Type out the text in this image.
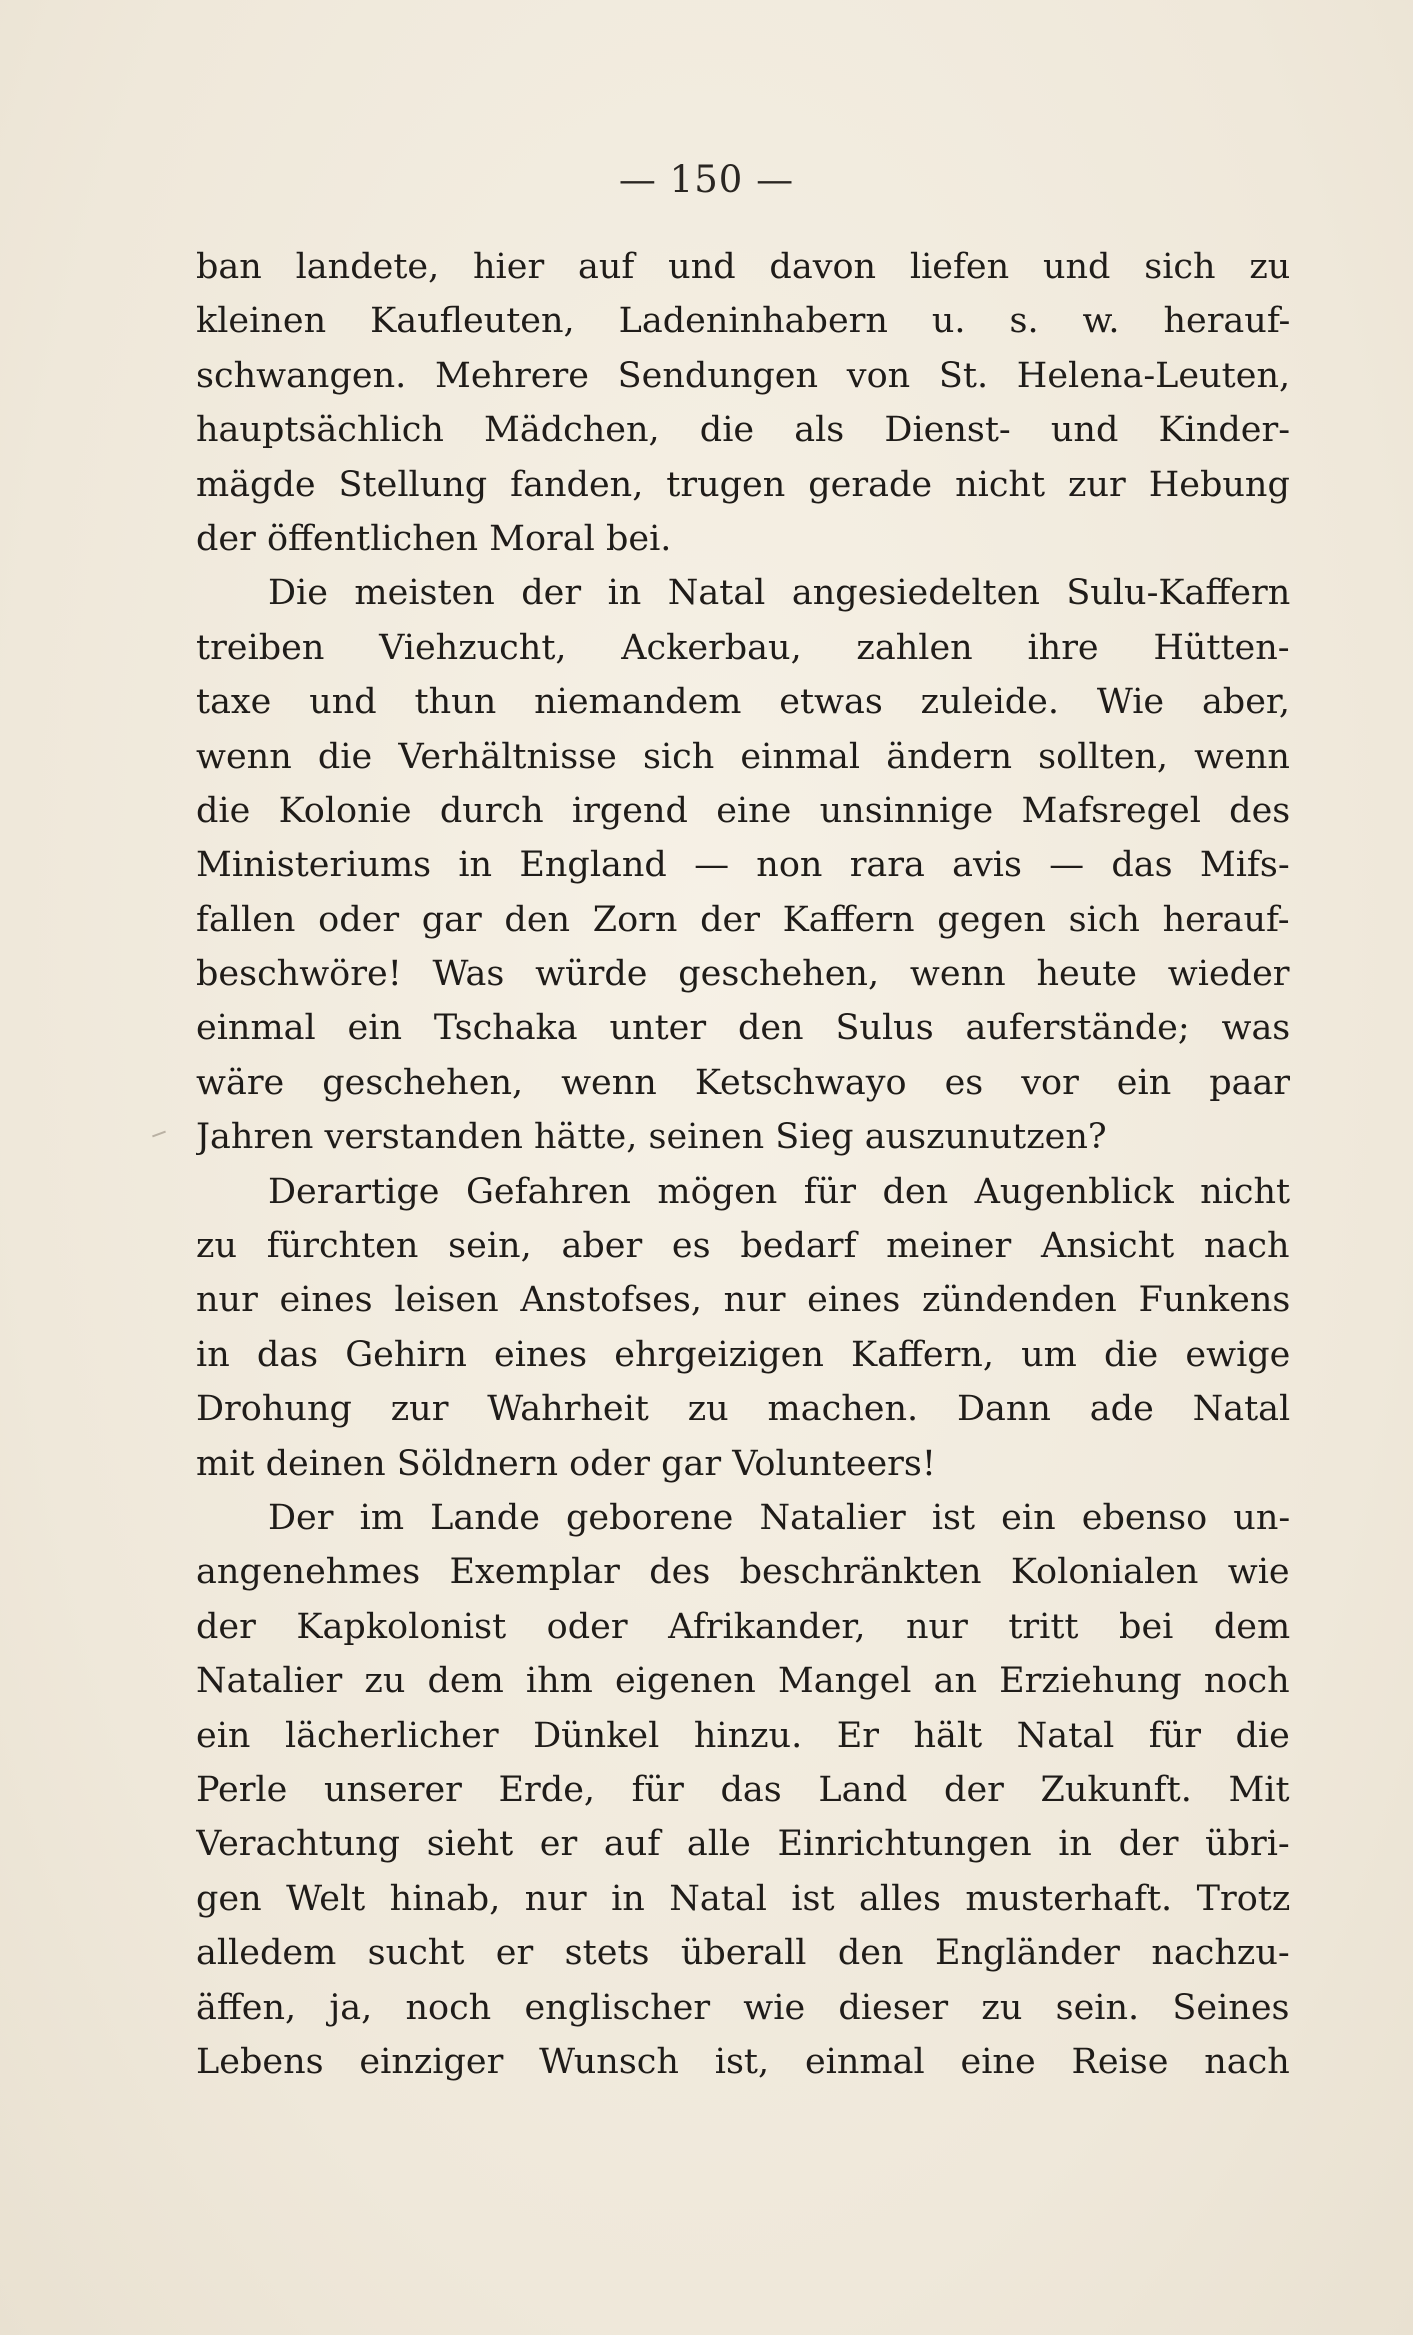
— 150 —
ban landete, hier auf und davon liefen und sich zu
kleinen Kaufleuten, Ladeninhabern u. s. w. herauf-
schwangen. Mehrere Sendungen von St. Helena-Leuten,
hauptsächlich Mädchen, die als Dienst- und Kinder-
mägde Stellung fanden, trugen gerade nicht zur Hebung
der öffentlichen Moral bei.
Die meisten der in Natal angesiedelten Sulu-Kaffern
treiben Viehzucht, Ackerbau, zahlen ihre Hütten-
taxe und thun niemandem etwas zuleide. Wie aber,
wenn die Verhältnisse sich einmal ändern sollten, wenn
die Kolonie durch irgend eine unsinnige Mafsregel des
Ministeriums in England — non rara avis — das Mifs-
fallen oder gar den Zorn der Kaffern gegen sich herauf-
beschwöre! Was würde geschehen, wenn heute wieder
einmal ein Tschaka unter den Sulus auferstände; was
wäre geschehen, wenn Ketschwayo es vor ein paar
Jahren verstanden hätte, seinen Sieg auszunutzen?
Derartige Gefahren mögen für den Augenblick nicht
zu fürchten sein, aber es bedarf meiner Ansicht nach
nur eines leisen Anstofses, nur eines zündenden Funkens
in das Gehirn eines ehrgeizigen Kaffern, um die ewige
Drohung zur Wahrheit zu machen. Dann ade Natal
mit deinen Söldnern oder gar Volunteers!
Der im Lande geborene Natalier ist ein ebenso un-
angenehmes Exemplar des beschränkten Kolonialen wie
der Kapkolonist oder Afrikander, nur tritt bei dem
Natalier zu dem ihm eigenen Mangel an Erziehung noch
ein lächerlicher Dünkel hinzu. Er hält Natal für die
Perle unserer Erde, für das Land der Zukunft. Mit
Verachtung sieht er auf alle Einrichtungen in der übri-
gen Welt hinab, nur in Natal ist alles musterhaft. Trotz
alledem sucht er stets überall den Engländer nachzu-
äffen, ja, noch englischer wie dieser zu sein. Seines
Lebens einziger Wunsch ist, einmal eine Reise nach
